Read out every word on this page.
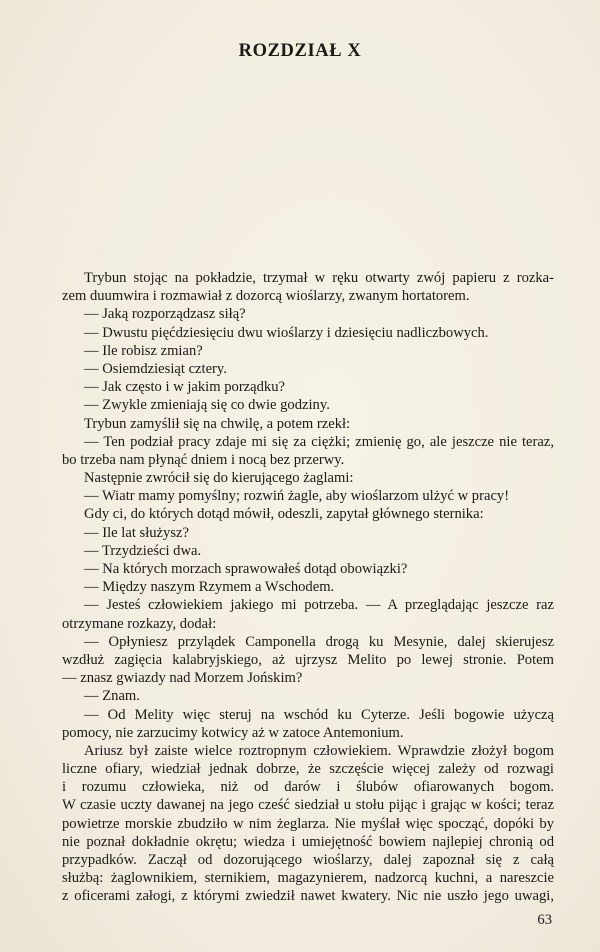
ROZDZIAŁ X
Trybun stojąc na pokładzie, trzymał w ręku otwarty zwój papieru z rozka-
zem duumwira i rozmawiał z dozorcą wioślarzy, zwanym hortatorem.
— Jaką rozporządzasz siłą?
— Dwustu pięćdziesięciu dwu wioślarzy i dziesięciu nadliczbowych.
— Ile robisz zmian?
— Osiemdziesiąt cztery.
— Jak często i w jakim porządku?
— Zwykle zmieniają się co dwie godziny.
Trybun zamyślił się na chwilę, a potem rzekł:
— Ten podział pracy zdaje mi się za ciężki; zmienię go, ale jeszcze nie teraz,
bo trzeba nam płynąć dniem i nocą bez przerwy.
Następnie zwrócił się do kierującego żaglami:
— Wiatr mamy pomyślny; rozwiń żagle, aby wioślarzom ulżyć w pracy!
Gdy ci, do których dotąd mówił, odeszli, zapytał głównego sternika:
— Ile lat służysz?
— Trzydzieści dwa.
— Na których morzach sprawowałeś dotąd obowiązki?
— Między naszym Rzymem a Wschodem.
— Jesteś człowiekiem jakiego mi potrzeba. — A przeglądając jeszcze raz
otrzymane rozkazy, dodał:
— Opłyniesz przylądek Camponella drogą ku Mesynie, dalej skierujesz
wzdłuż zagięcia kalabryjskiego, aż ujrzysz Melito po lewej stronie. Potem
— znasz gwiazdy nad Morzem Jońskim?
— Znam.
— Od Melity więc steruj na wschód ku Cyterze. Jeśli bogowie użyczą
pomocy, nie zarzucimy kotwicy aż w zatoce Antemonium.
Ariusz był zaiste wielce roztropnym człowiekiem. Wprawdzie złożył bogom
liczne ofiary, wiedział jednak dobrze, że szczęście więcej zależy od rozwagi
i rozumu człowieka, niż od darów i ślubów ofiarowanych bogom.
W czasie uczty dawanej na jego cześć siedział u stołu pijąc i grając w kości; teraz
powietrze morskie zbudziło w nim żeglarza. Nie myślał więc spocząć, dopóki by
nie poznał dokładnie okrętu; wiedza i umiejętność bowiem najlepiej chronią od
przypadków. Zaczął od dozorującego wioślarzy, dalej zapoznał się z całą
służbą: żaglownikiem, sternikiem, magazynierem, nadzorcą kuchni, a nareszcie
z oficerami załogi, z którymi zwiedził nawet kwatery. Nic nie uszło jego uwagi,
63
